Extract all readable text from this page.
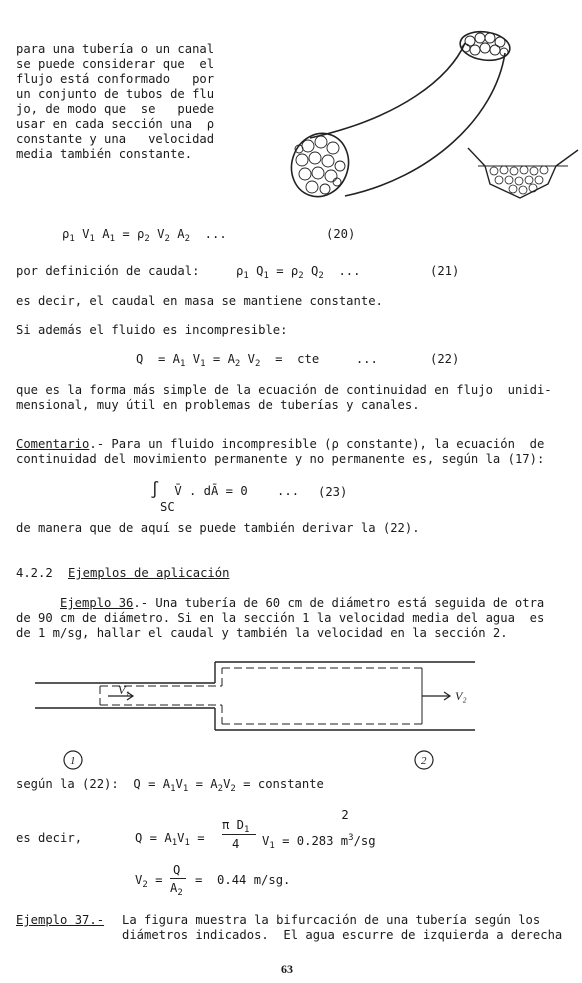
para una tubería o un canal
se puede considerar que  el
flujo está conformado   por
un conjunto de tubos de flu
jo, de modo que  se   puede
usar en cada sección una  ρ
constante y una   velocidad
media también constante.
$\rho_1$ $V_1$ $A_1 = \rho_2$ $V_2$ $A_2$  ...	(20)
por definición de caudal:	$\rho_1$ $Q_1 = \rho_2$ $Q_2$  ...	(21)
es decir, el caudal en masa se mantiene constante.
Si además el fluido es incompresible:
$Q = A_1$ $V_1 = A_2$ $V_2$  =  cte	...	(22)
que es la forma más simple de la ecuación de continuidad en flujo  unidi-
mensional, muy útil en problemas de tuberías y canales.
Comentario.- Para un fluido incompresible (ρ constante), la ecuación  de
continuidad del movimiento permanente y no permanente es, según la (17):
∫  V̄ . dĀ = 0    ...
SC
(23)
de manera que de aquí se puede también derivar la (22).
4.2.2 Ejemplos de aplicación
Ejemplo 36.- Una tubería de 60 cm de diámetro está seguida de otra
de 90 cm de diámetro. Si en la sección 1 la velocidad media del agua  es
de 1 m/sg, hallar el caudal y también la velocidad en la sección 2.
V₁	V₂
1	2
según la (22):  $Q = A_1V_1 = A_2V_2$ = constante
es decir,	$Q = A_1V_1$ =
2
π $D_1$
4 $V_1 = 0.283$ $m^3/sg$
$V_2$ =
Q
$A_2$
=  0.44 m/sg.
Ejemplo 37.- La figura muestra la bifurcación de una tubería según los
diámetros indicados.  El agua escurre de izquierda a derecha
63
